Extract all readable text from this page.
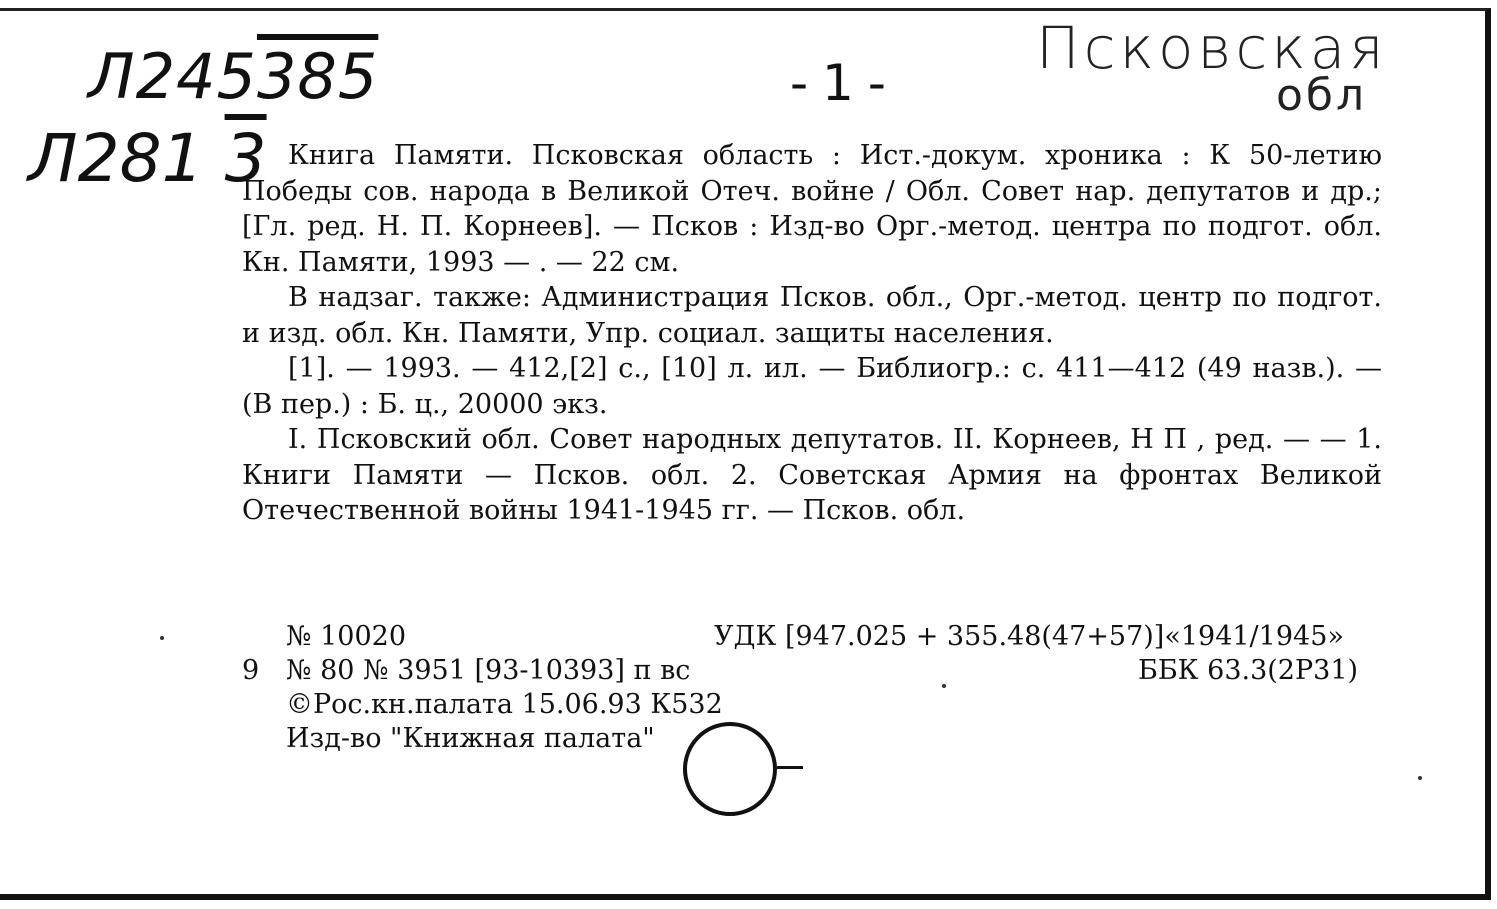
Л245385
Л281 3
Псковская
обл
-1-

Книга Памяти. Псковская область : Ист.-докум. хроника : К 50-летию Победы сов. народа в Великой Отеч. войне / Обл. Совет нар. депутатов и др.; [Гл. ред. Н. П. Корнеев]. — Псков : Изд-во Орг.-метод. центра по подгот. обл. Кн. Памяти, 1993 — . — 22 см.

В надзаг. также: Администрация Псков. обл., Орг.-метод. центр по подгот. и изд. обл. Кн. Памяти, Упр. социал. защиты населения.

[1]. — 1993. — 412,[2] с., [10] л. ил. — Библиогр.: с. 411—412 (49 назв.). — (В пер.) : Б. ц., 20000 экз.

I. Псковский обл. Совет народных депутатов. II. Корнеев, Н П , ред. — — 1. Книги Памяти — Псков. обл. 2. Советская Армия на фронтах Великой Отечественной войны 1941-1945 гг. — Псков. обл.

№ 10020
9 № 80 № 3951 [93-10393] п вс
©Рос.кн.палата 15.06.93 К532
Изд-во "Книжная палата"
УДК [947.025 + 355.48(47+57)]«1941/1945»
ББК 63.3(2Р31)
